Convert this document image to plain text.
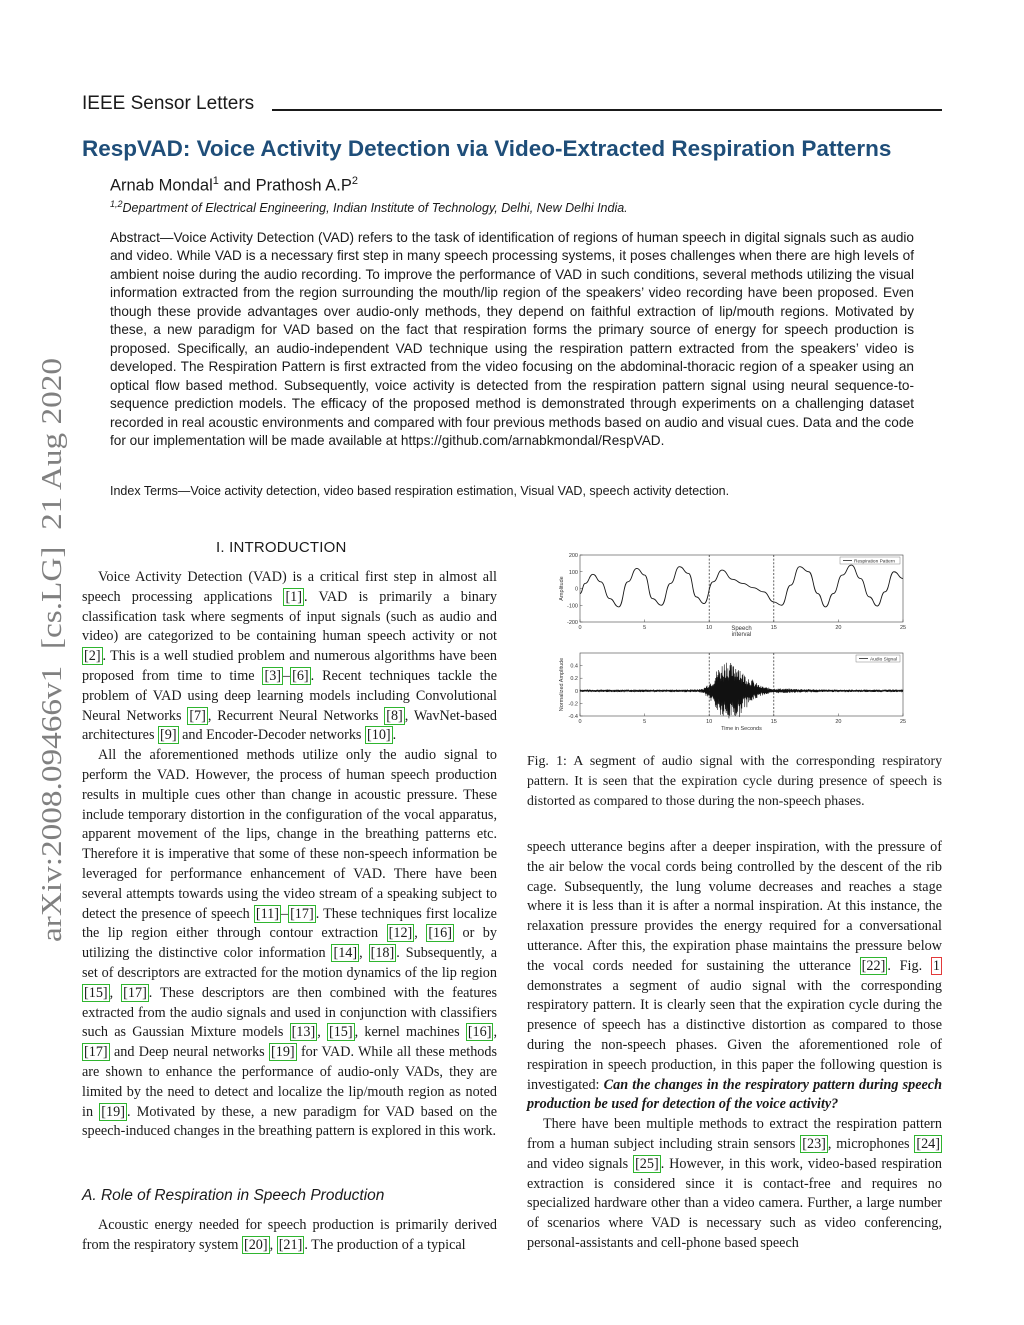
IEEE Sensor Letters
RespVAD: Voice Activity Detection via Video-Extracted Respiration Patterns
Arnab Mondal$^1$ and Prathosh $A.P^2$
$^{1,2}$Department of Electrical Engineering, Indian Institute of Technology, Delhi, New Delhi India.
Abstract—Voice Activity Detection (VAD) refers to the task of identification of regions of human speech in digital signals such as audio and video. While VAD is a necessary first step in many speech processing systems, it poses challenges when there are high levels of ambient noise during the audio recording. To improve the performance of VAD in such conditions, several methods utilizing the visual information extracted from the region surrounding the mouth/lip region of the speakers’ video recording have been proposed. Even though these provide advantages over audio-only methods, they depend on faithful extraction of lip/mouth regions. Motivated by these, a new paradigm for VAD based on the fact that respiration forms the primary source of energy for speech production is proposed. Specifically, an audio-independent VAD technique using the respiration pattern extracted from the speakers’ video is developed. The Respiration Pattern is first extracted from the video focusing on the abdominal-thoracic region of a speaker using an optical flow based method. Subsequently, voice activity is detected from the respiration pattern signal using neural sequence-to-sequence prediction models. The efficacy of the proposed method is demonstrated through experiments on a challenging dataset recorded in real acoustic environments and compared with four previous methods based on audio and visual cues. Data and the code for our implementation will be made available at https://github.com/arnabkmondal/RespVAD.
Index Terms—Voice activity detection, video based respiration estimation, Visual VAD, speech activity detection.
arXiv:2008.09466v1  [cs.LG]  21 Aug 2020	I. INTRODUCTION

Voice Activity Detection (VAD) is a critical first step in almost all speech processing applications [1] . VAD is primarily a binary classification task where segments of input signals (such as audio and video) are categorized to be containing human speech activity or not [2] . This is a well studied problem and numerous algorithms have been proposed from time to time [3] – [6] . Recent techniques tackle the problem of VAD using deep learning models including Convolutional Neural Networks [7] , Recurrent Neural Networks [8] , WavNet-based architectures [9] and Encoder-Decoder networks [10] .

All the aforementioned methods utilize only the audio signal to perform the VAD. However, the process of human speech production results in multiple cues other than change in acoustic pressure. These include temporary distortion in the configuration of the vocal apparatus, apparent movement of the lips, change in the breathing patterns etc. Therefore it is imperative that some of these non-speech information be leveraged for performance enhancement of VAD. There have been several attempts towards using the video stream of a speaking subject to detect the presence of speech [11] – [17] . These techniques first localize the lip region either through contour extraction [12] , [16] or by utilizing the distinctive color information [14] , [18] . Subsequently, a set of descriptors are extracted for the motion dynamics of the lip region [15] , [17] . These descriptors are then combined with the features extracted from the audio signals and used in conjunction with classifiers such as Gaussian Mixture models [13] , [15] , kernel machines [16] , [17] and Deep neural networks [19] for VAD. While all these methods are shown to enhance the performance of audio-only VADs, they are limited by the need to detect and localize the lip/mouth region as noted in [19] . Motivated by these, a new paradigm for VAD based on the speech-induced changes in the breathing pattern is explored in this work.

A. Role of Respiration in Speech Production

Acoustic energy needed for speech production is primarily derived from the respiratory system [20] , [21] . The production of a typical

0	5	10	15	20	25
-200
-100
0
100
200
Amplitude
Respiration Pattern
0	5	10	15	20	25
-0.4
-0.2
0
0.2
0.4
Normalized Amplitude
Time in Seconds
Audio Signal
Speech
interval
Fig. 1: A segment of audio signal with the corresponding respiratory pattern. It is seen that the expiration cycle during presence of speech is distorted as compared to those during the non-speech phases.

speech utterance begins after a deeper inspiration, with the pressure of the air below the vocal cords being controlled by the descent of the rib cage. Subsequently, the lung volume decreases and reaches a stage where it is less than it is after a normal inspiration. At this instance, the relaxation pressure provides the energy required for a conversational utterance. After this, the expiration phase maintains the pressure below the vocal cords needed for sustaining the utterance [22] . Fig. 1 demonstrates a segment of audio signal with the corresponding respiratory pattern. It is clearly seen that the expiration cycle during the presence of speech has a distinctive distortion as compared to those during the non-speech phases. Given the aforementioned role of respiration in speech production, in this paper the following question is investigated: Can the changes in the respiratory pattern during speech production be used for detection of the voice activity?

There have been multiple methods to extract the respiration pattern from a human subject including strain sensors [23] , microphones [24] and video signals [25] . However, in this work, video-based respiration extraction is considered since it is contact-free and requires no specialized hardware other than a video camera. Further, a large number of scenarios where VAD is necessary such as video conferencing, personal-assistants and cell-phone based speech
